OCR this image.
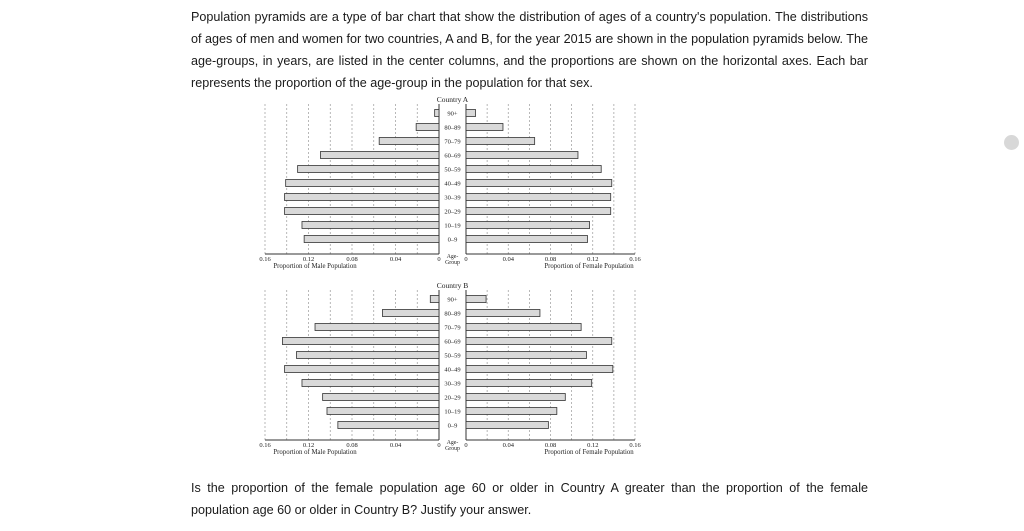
Population pyramids are a type of bar chart that show the distribution of ages of a country's population. The distributions of ages of men and women for two countries, A and B, for the year 2015 are shown in the population pyramids below. The age-groups, in years, are listed in the center columns, and the proportions are shown on the horizontal axes. Each bar represents the proportion of the age-group in the population for that sex.

Country A
90+
80–89
70–79
60–69
50–59
40–49
30–39
20–29
10–19
0–9
0.16	0.12	0.08	0.04	0	0	0.04	0.08	0.12	0.16
Age-Group
Proportion of Male Population	Proportion of Female Population
Country B
90+
80–89
70–79
60–69
50–59
40–49
30–39
20–29
10–19
0–9
0.16	0.12	0.08	0.04	0	0	0.04	0.08	0.12	0.16
Age-Group
Proportion of Male Population	Proportion of Female Population

Is the proportion of the female population age 60 or older in Country A greater than the proportion of the female population age 60 or older in Country B? Justify your answer.
